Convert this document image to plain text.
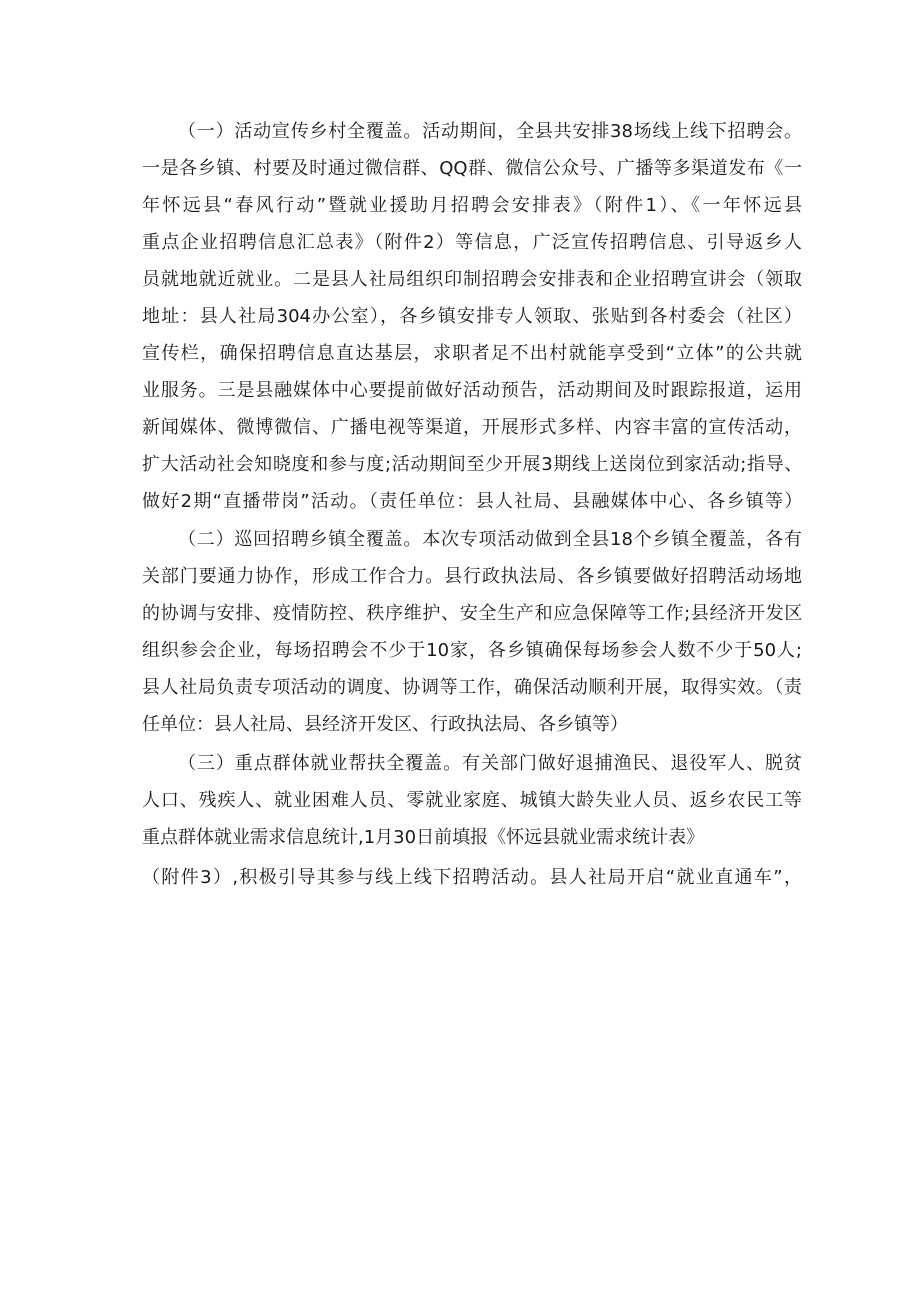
（一）活动宣传乡村全覆盖。活动期间，全县共安排38场线上线下招聘会。
一是各乡镇、村要及时通过微信群、QQ群、微信公众号、广播等多渠道发布《一
年怀远县“春风行动”暨就业援助月招聘会安排表》（附件1）、《一年怀远县
重点企业招聘信息汇总表》（附件2）等信息，广泛宣传招聘信息、引导返乡人
员就地就近就业。二是县人社局组织印制招聘会安排表和企业招聘宣讲会（领取
地址：县人社局304办公室），各乡镇安排专人领取、张贴到各村委会（社区）
宣传栏，确保招聘信息直达基层，求职者足不出村就能享受到“立体”的公共就
业服务。三是县融媒体中心要提前做好活动预告，活动期间及时跟踪报道，运用
新闻媒体、微博微信、广播电视等渠道，开展形式多样、内容丰富的宣传活动，
扩大活动社会知晓度和参与度;活动期间至少开展3期线上送岗位到家活动;指导、
做好2期“直播带岗”活动。（责任单位：县人社局、县融媒体中心、各乡镇等）
（二）巡回招聘乡镇全覆盖。本次专项活动做到全县18个乡镇全覆盖，各有
关部门要通力协作，形成工作合力。县行政执法局、各乡镇要做好招聘活动场地
的协调与安排、疫情防控、秩序维护、安全生产和应急保障等工作;县经济开发区
组织参会企业，每场招聘会不少于10家，各乡镇确保每场参会人数不少于50人;
县人社局负责专项活动的调度、协调等工作，确保活动顺利开展，取得实效。（责
任单位：县人社局、县经济开发区、行政执法局、各乡镇等）
（三）重点群体就业帮扶全覆盖。有关部门做好退捕渔民、退役军人、脱贫
人口、残疾人、就业困难人员、零就业家庭、城镇大龄失业人员、返乡农民工等
重点群体就业需求信息统计,1月30日前填报《怀远县就业需求统计表》
（附件3）,积极引导其参与线上线下招聘活动。县人社局开启“就业直通车”，
